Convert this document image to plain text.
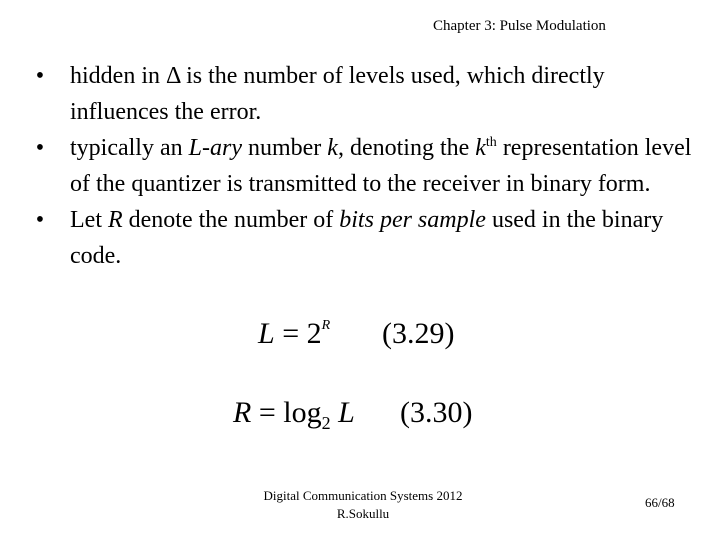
Chapter 3: Pulse Modulation
• hidden in Δ is the number of levels used, which directly influences the error.
• typically an L-ary number k, denoting the $k^{th}$ representation level of the quantizer is transmitted to the receiver in binary form.
• Let R denote the number of bits per sample used in the binary code.
$L = 2^R$ (3.29)
$R = \log_2 L$ (3.30)
Digital Communication Systems 2012
R.Sokullu
66/68
